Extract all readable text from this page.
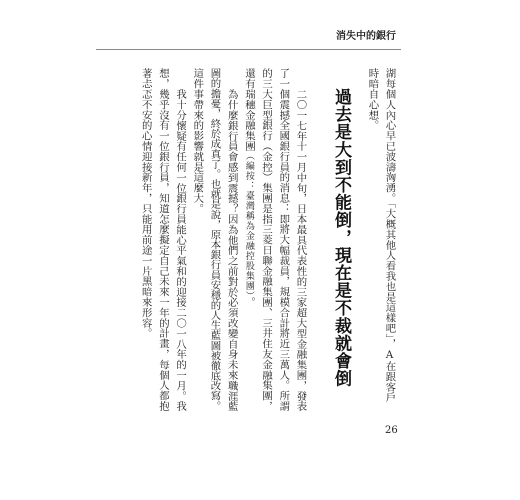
消失中的銀行
湖每個人內心早已波濤洶湧。「大概其他人看我也是這樣吧」，A在跟客戶
時暗自心想。
過去是大到不能倒，現在是不裁就會倒
二〇一七年十一月中旬，日本最具代表性的三家超大型金融集團，發表
了一個震撼全國銀行員的消息：即將大幅裁員，規模合計將近三萬人。所謂
的三大巨型銀行（金控）集團是指三菱日聯金融集團、三井住友金融集團，
還有瑞穗金融集團（編按：臺灣稱為金融控股集團）。
為什麼銀行員會感到震撼？因為他們之前對於必須改變自身未來職涯藍
圖的擔憂，終於成真了。也就是說，原本銀行員安穩的人生藍圖被徹底改寫。
這件事帶來的影響就是這麼大。
我十分懷疑有任何一位銀行員能心平氣和的迎接二〇一八年的一月。我
想，幾乎沒有一位銀行員，知道怎麼擬定自己未來一年的計畫，每個人都抱
著忐忑不安的心情迎接新年，只能用前途一片黑暗來形容。
26
